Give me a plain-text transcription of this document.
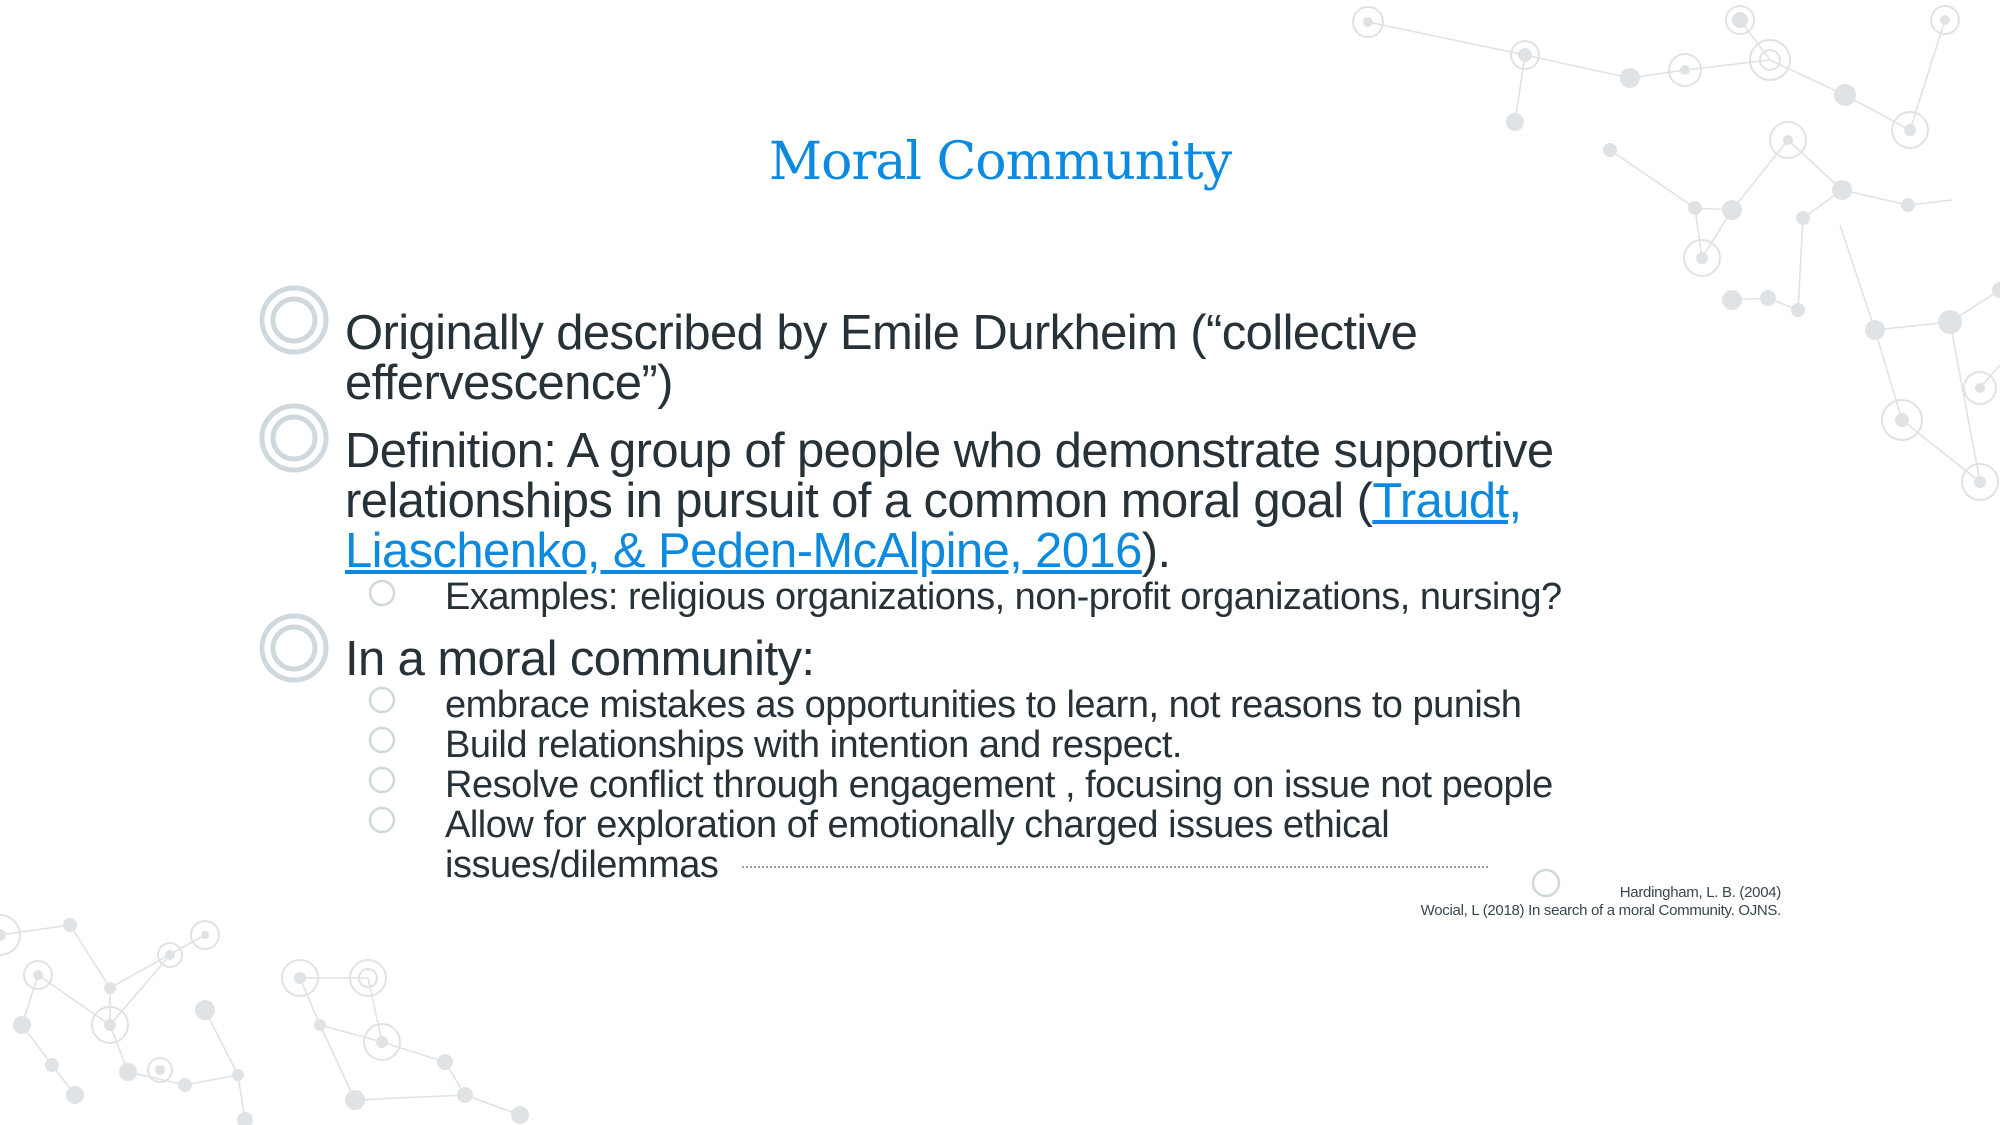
Moral Community
Originally described by Emile Durkheim (“collective
effervescence”)
Definition: A group of people who demonstrate supportive
relationships in pursuit of a common moral goal (Traudt,
Liaschenko, & Peden-McAlpine, 2016).
Examples: religious organizations, non-profit organizations, nursing?
In a moral community:
embrace mistakes as opportunities to learn, not reasons to punish
Build relationships with intention and respect.
Resolve conflict through engagement , focusing on issue not people
Allow for exploration of emotionally charged issues ethical
issues/dilemmas
Hardingham, L. B. (2004)
Wocial, L (2018) In search of a moral Community. OJNS.
